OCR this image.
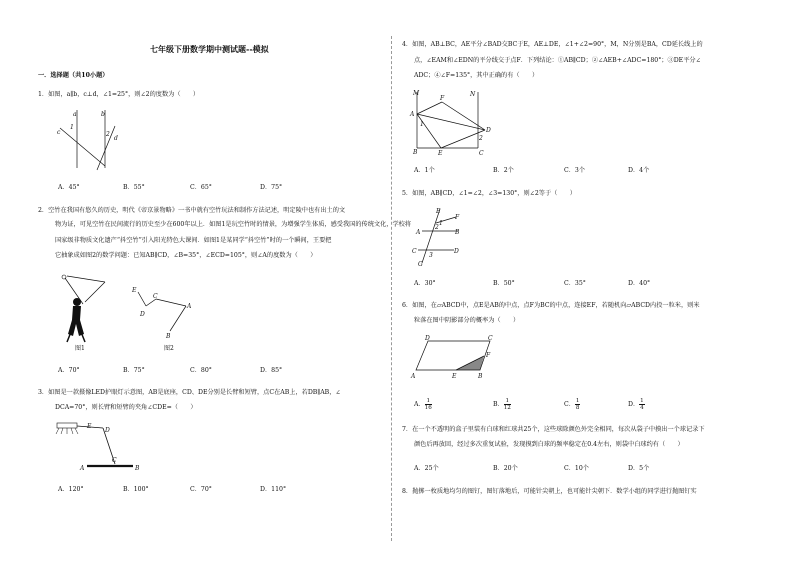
七年级下册数学期中测试题--模拟
一．选择题（共10小题）
1．如图，a∥b，c⊥d，∠1=25°，则∠2的度数为（　　）
a	b
c
d
1
2
A．45°	B．55°	C．65°	D．75°
2．空竹在我国有悠久的历史，明代《帝京景物略》一书中就有空竹玩法和制作方法记述，明定陵中也有出土的文
物为证，可见空竹在民间流行的历史至少在600年以上．如图1是玩空竹时的情景，为增强学生体质，感受我国的传统文化，学校将
国家级非物质文化遗产“抖空竹”引入阳光特色大课间．如图1是某同学“抖空竹”时的一个瞬间，王要把
它抽象成如图2的数学问题：已知AB∥CD，∠B=35°，∠ECD=105°，则∠A的度数为（　　）
图1
E
C
D
A
B
图2
A．70°	B．75°	C．80°	D．85°
3．如图是一款摄像LED护眼灯示意图，AB是底座，CD、DE分别是长臂和短臂，点C在AB上，若DB∥AB，∠
DCA=70°，则长臂和短臂的夹角∠CDE=（　　）
E
D
A
C
B
A．120°	B．100°	C．70°	D．110°
4．如图，AB⊥BC，AE平分∠BAD交BC于E，AE⊥DE，∠1+∠2=90°，M，N分别是BA，CD延长线上的
点，∠EAM和∠EDN的平分线交于点F．下列结论：①AB∥CD；②∠AEB+∠ADC=180°；③DE平分∠
ADC；④∠F=135°，其中正确的有（　　）
M	N
F
A
D
B	E	C
1
2
A．1个	B．2个	C．3个	D．4个
5．如图，AB∥CD，∠1=∠2，∠3=130°，则∠2等于（　　）
E
F
A	B
C	D
G
1
2
3
A．30°	B．50°	C．35°	D．40°
6．如图，在▱ABCD中，点E是AB的中点，点F为BC的中点，连接EF，若随机向▱ABCD内投一粒米，则米
粒落在图中阴影部分的概率为（　　）
D	C
F
A	E	B
A． $\frac{1}{16}$	B． $\frac{1}{12}$	C． $\frac{1}{8}$	D． $\frac{1}{4}$
7．在一个不透明的盒子里装有白球和红球共25个，这些球除颜色外完全相同，每次从袋子中摸出一个球记录下
颜色后再放回，经过多次重复试验，发现摸到白球的频率稳定在0.4左右，则袋中白球约有（　　）
A．25个	B．20个	C．10个	D．5个
8．抛掷一枚质地均匀的图钉，图钉落地后，可能针尖朝上，也可能针尖朝下．数学小组的同学进行抛图钉实
